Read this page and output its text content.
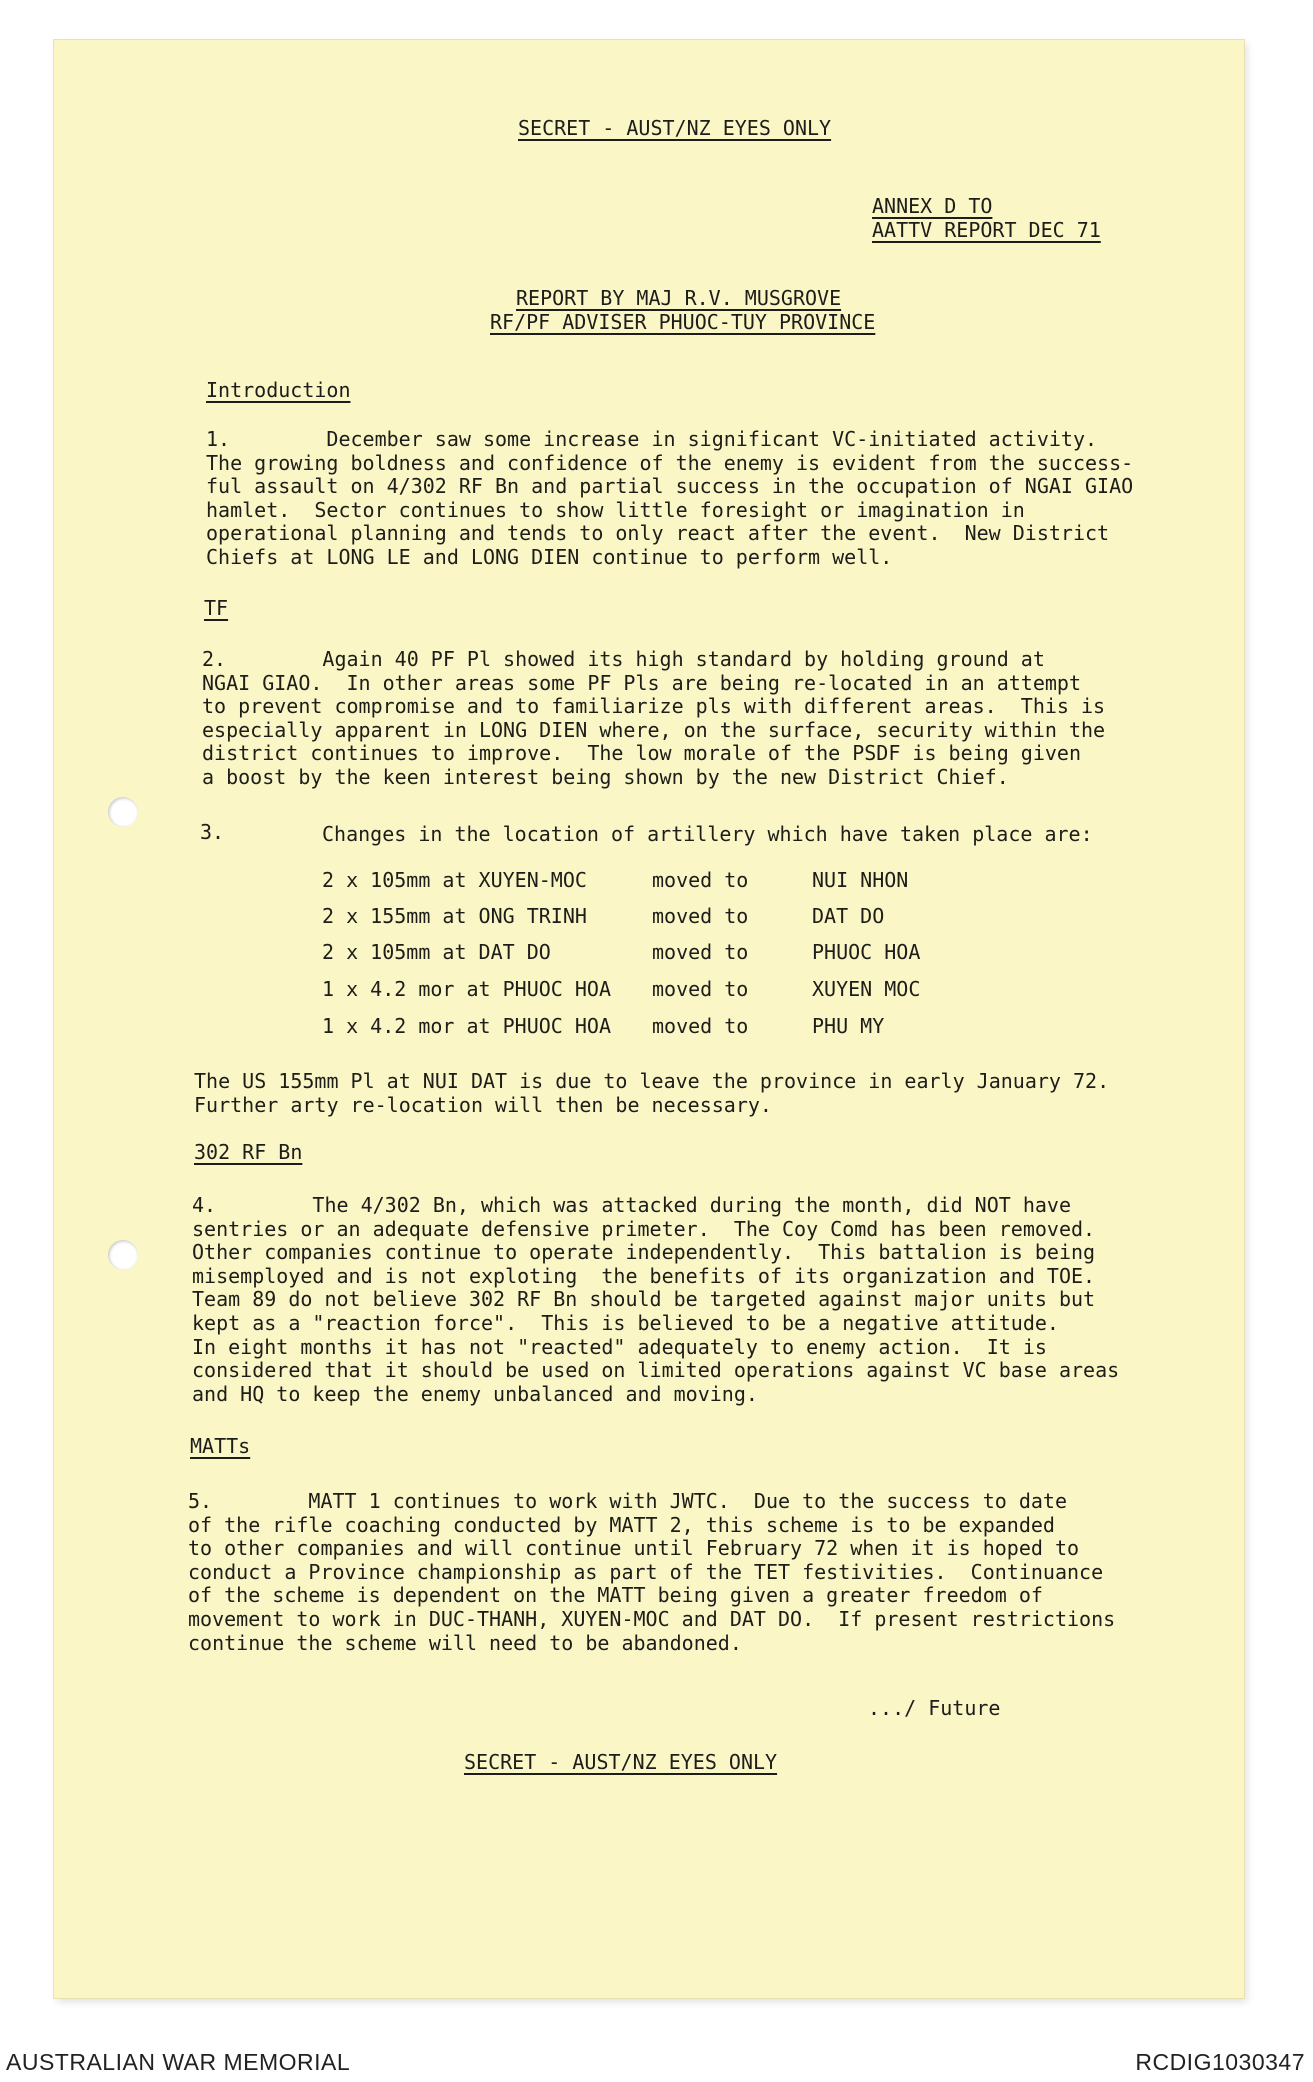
SECRET - AUST/NZ EYES ONLY
ANNEX D TO
AATTV REPORT DEC 71
REPORT BY MAJ R.V. MUSGROVE
RF/PF ADVISER PHUOC-TUY PROVINCE
Introduction
1.        December saw some increase in significant VC-initiated activity.
The growing boldness and confidence of the enemy is evident from the success-
ful assault on 4/302 RF Bn and partial success in the occupation of NGAI GIAO
hamlet.  Sector continues to show little foresight or imagination in
operational planning and tends to only react after the event.  New District
Chiefs at LONG LE and LONG DIEN continue to perform well.
TF
2.        Again 40 PF Pl showed its high standard by holding ground at
NGAI GIAO.  In other areas some PF Pls are being re-located in an attempt
to prevent compromise and to familiarize pls with different areas.  This is
especially apparent in LONG DIEN where, on the surface, security within the
district continues to improve.  The low morale of the PSDF is being given
a boost by the keen interest being shown by the new District Chief.
3.	Changes in the location of artillery which have taken place are:
2 x 105mm at XUYEN-MOC	moved to	NUI NHON
2 x 155mm at ONG TRINH	moved to	DAT DO
2 x 105mm at DAT DO	moved to	PHUOC HOA
1 x 4.2 mor at PHUOC HOA moved to	XUYEN MOC
1 x 4.2 mor at PHUOC HOA moved to	PHU MY
The US 155mm Pl at NUI DAT is due to leave the province in early January 72.
Further arty re-location will then be necessary.
302 RF Bn
4.        The 4/302 Bn, which was attacked during the month, did NOT have
sentries or an adequate defensive primeter.  The Coy Comd has been removed.
Other companies continue to operate independently.  This battalion is being
misemployed and is not exploting  the benefits of its organization and TOE.
Team 89 do not believe 302 RF Bn should be targeted against major units but
kept as a "reaction force".  This is believed to be a negative attitude.
In eight months it has not "reacted" adequately to enemy action.  It is
considered that it should be used on limited operations against VC base areas
and HQ to keep the enemy unbalanced and moving.
MATTs
5.        MATT 1 continues to work with JWTC.  Due to the success to date
of the rifle coaching conducted by MATT 2, this scheme is to be expanded
to other companies and will continue until February 72 when it is hoped to
conduct a Province championship as part of the TET festivities.  Continuance
of the scheme is dependent on the MATT being given a greater freedom of
movement to work in DUC-THANH, XUYEN-MOC and DAT DO.  If present restrictions
continue the scheme will need to be abandoned.
.../ Future
SECRET - AUST/NZ EYES ONLY
AUSTRALIAN WAR MEMORIAL	RCDIG1030347
